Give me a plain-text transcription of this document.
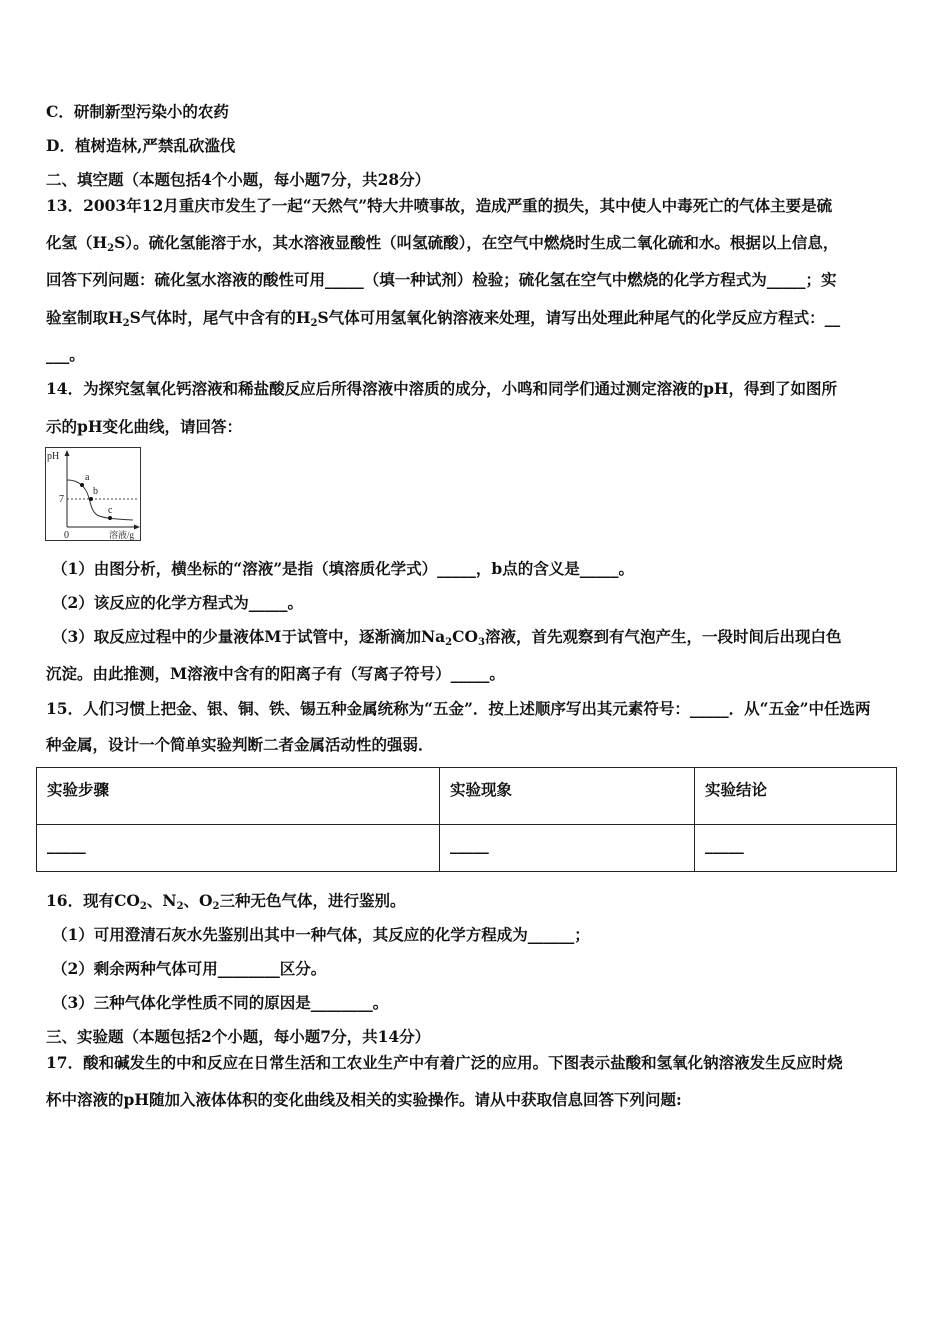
C．研制新型污染小的农药
D．植树造林,严禁乱砍滥伐
二、填空题（本题包括4个小题，每小题7分，共28分）
13．2003年12月重庆市发生了一起“天然气”特大井喷事故，造成严重的损失，其中使人中毒死亡的气体主要是硫
化氢$(H_2S)$。硫化氢能溶于水，其水溶液显酸性（叫氢硫酸），在空气中燃烧时生成二氧化硫和水。根据以上信息，
回答下列问题：硫化氢水溶液的酸性可用_____（填一种试剂）检验；硫化氢在空气中燃烧的化学方程式为_____；实
验室制取$H_2S$气体时，尾气中含有的$H_2S$气体可用氢氧化钠溶液来处理，请写出处理此种尾气的化学反应方程式：__
___。
14．为探究氢氧化钙溶液和稀盐酸反应后所得溶液中溶质的成分，小鸣和同学们通过测定溶液的pH，得到了如图所
示的pH变化曲线，请回答：
pH
a
b
c
7
0	溶液/g
（1）由图分析，横坐标的“溶液”是指（填溶质化学式）_____，b点的含义是_____。
（2）该反应的化学方程式为_____。
（3）取反应过程中的少量液体M于试管中，逐渐滴加$Na_2CO_3$溶液，首先观察到有气泡产生，一段时间后出现白色
沉淀。由此推测，M溶液中含有的阳离子有（写离子符号）_____。
15．人们习惯上把金、银、铜、铁、锡五种金属统称为“五金”．按上述顺序写出其元素符号：_____．从“五金”中任选两
种金属，设计一个简单实验判断二者金属活动性的强弱．
实验步骤	实验现象	实验结论
_____	_____	_____
16．现有$CO_2$、$N_2$、$O_2$三种无色气体，进行鉴别。
（1）可用澄清石灰水先鉴别出其中一种气体，其反应的化学方程成为______；
（2）剩余两种气体可用________区分。
（3）三种气体化学性质不同的原因是________。
三、实验题（本题包括2个小题，每小题7分，共14分）
17．酸和碱发生的中和反应在日常生活和工农业生产中有着广泛的应用。下图表示盐酸和氢氧化钠溶液发生反应时烧
杯中溶液的pH随加入液体体积的变化曲线及相关的实验操作。请从中获取信息回答下列问题:
